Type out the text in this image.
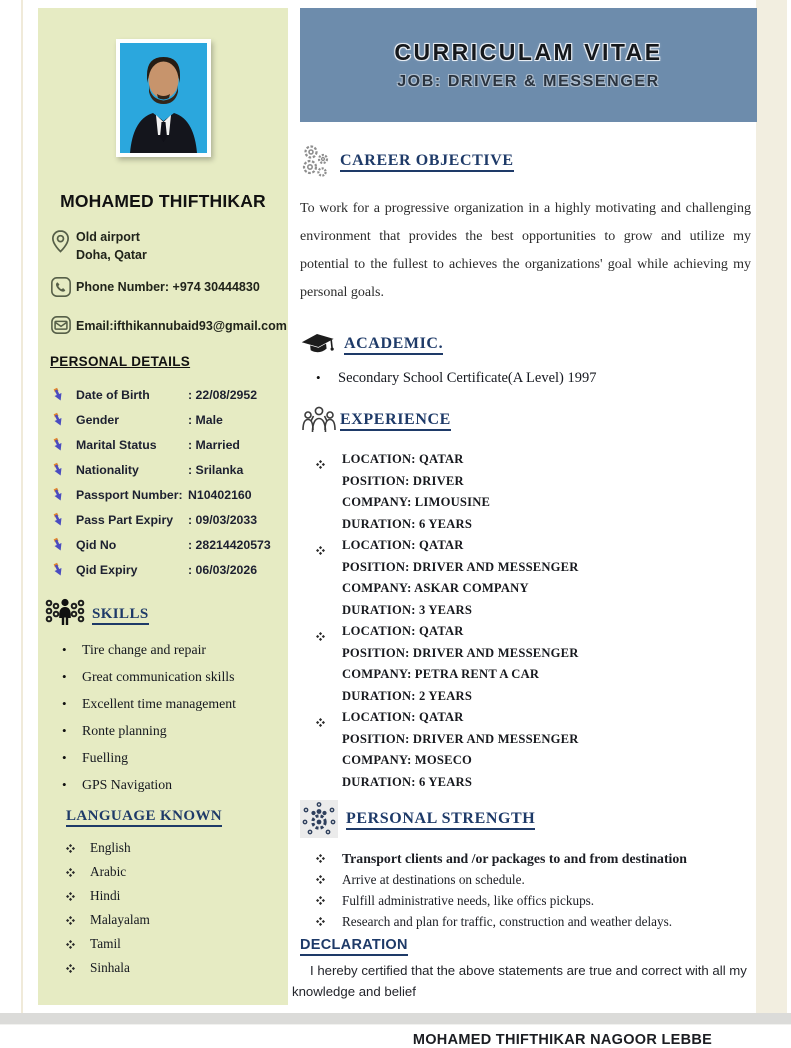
MOHAMED THIFTHIKAR
Old airport
Doha, Qatar
Phone Number: +974 30444830
Email:ifthikannubaid93@gmail.com
PERSONAL DETAILS
Date of Birth	: 22/08/2952
Gender	: Male
Marital Status	: Married
Nationality	: Srilanka
Passport Number: N10402160
Pass Part Expiry	: 09/03/2033
Qid No	: 28214420573
Qid Expiry	: 06/03/2026
SKILLS
•	Tire change and repair
•	Great communication skills
•	Excellent time management
•	Ronte planning
•	Fuelling
•	GPS Navigation
LANGUAGE KNOWN
English
Arabic
Hindi
Malayalam
Tamil
Sinhala
CURRICULAM VITAE
JOB: DRIVER & MESSENGER
CAREER OBJECTIVE

To work for a progressive organization in a highly motivating and challenging environment that provides the best opportunities to grow and utilize my potential to the fullest to achieves the organizations' goal while achieving my personal goals.

ACADEMIC.
•	Secondary School Certificate(A Level) 1997
EXPERIENCE
LOCATION: QATAR
POSITION: DRIVER
COMPANY: LIMOUSINE
DURATION: 6 YEARS
LOCATION: QATAR
POSITION: DRIVER AND MESSENGER
COMPANY: ASKAR COMPANY
DURATION: 3 YEARS
LOCATION: QATAR
POSITION: DRIVER AND MESSENGER
COMPANY: PETRA RENT A CAR
DURATION: 2 YEARS
LOCATION: QATAR
POSITION: DRIVER AND MESSENGER
COMPANY: MOSECO
DURATION: 6 YEARS
PERSONAL STRENGTH
Transport clients and /or packages to and from destination
Arrive at destinations on schedule.
Fulfill administrative needs, like offics pickups.
Research and plan for traffic, construction and weather delays.
DECLARATION

I hereby certified that the above statements are true and correct with all my knowledge and belief

MOHAMED THIFTHIKAR NAGOOR LEBBE
